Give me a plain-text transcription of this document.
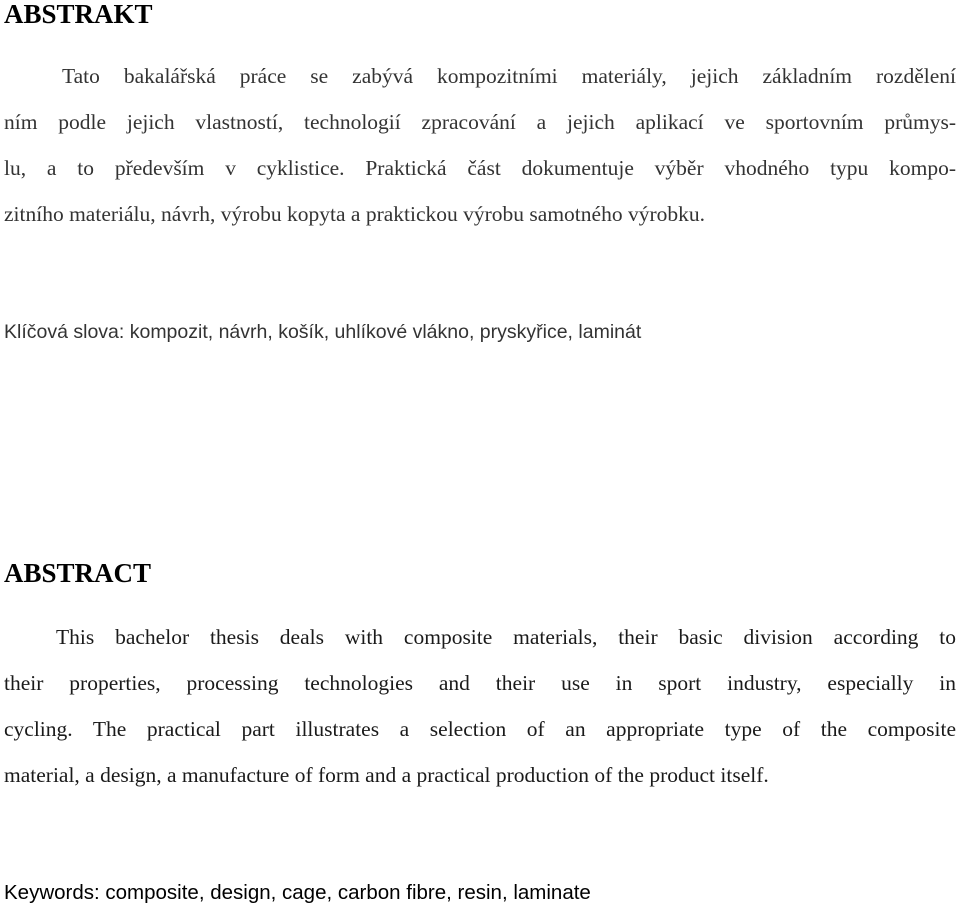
ABSTRAKT

Tato bakalářská práce se zabývá kompozitními materiály, jejich základním rozdělení

ním podle jejich vlastností, technologií zpracování a jejich aplikací ve sportovním průmys-

lu, a to především v cyklistice. Praktická část dokumentuje výběr vhodného typu kompo-

zitního materiálu, návrh, výrobu kopyta a praktickou výrobu samotného výrobku.

Klíčová slova: kompozit, návrh, košík, uhlíkové vlákno, pryskyřice, laminát

ABSTRACT

This bachelor thesis deals with composite materials, their basic division according to

their properties, processing technologies and their use in sport industry, especially in

cycling. The practical part illustrates a selection of an appropriate type of the composite

material, a design, a manufacture of form and a practical production of the product itself.

Keywords: composite, design, cage, carbon fibre, resin, laminate
